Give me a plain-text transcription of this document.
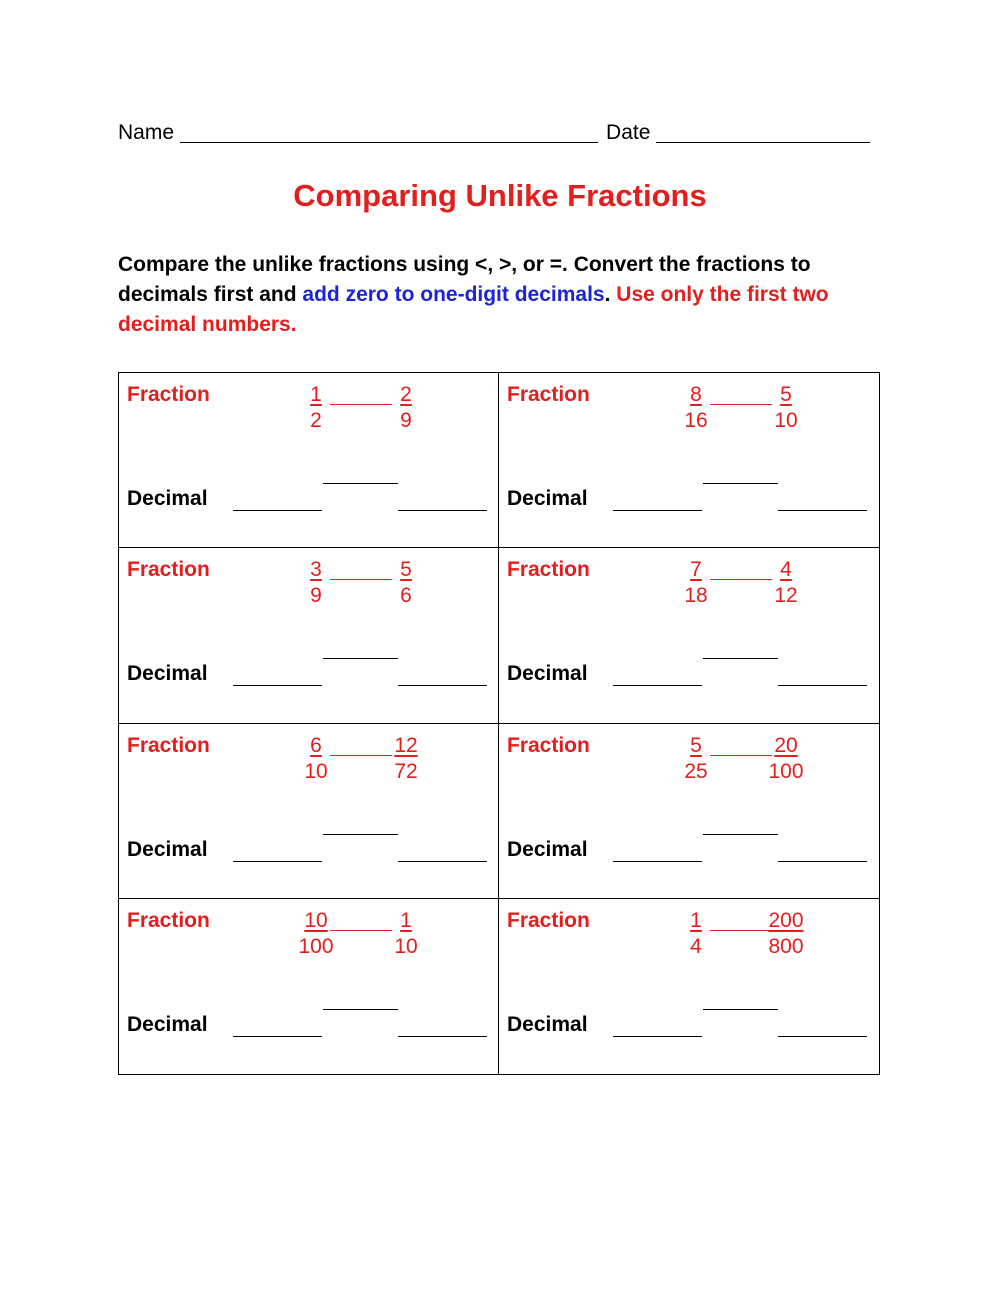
Name	Date
Comparing Unlike Fractions
Compare the unlike fractions using <, >, or =. Convert the fractions to decimals first and add zero to one-digit decimals. Use only the first two decimal numbers.
Fraction	1
2
2
9
Decimal
Fraction	8
16
5
10
Decimal
Fraction	3
9
5
6
Decimal
Fraction	7
18
4
12
Decimal
Fraction	6
10
12
72
Decimal
Fraction	5
25
20
100
Decimal
Fraction	10
100
1
10
Decimal
Fraction	1
4
200
800
Decimal
